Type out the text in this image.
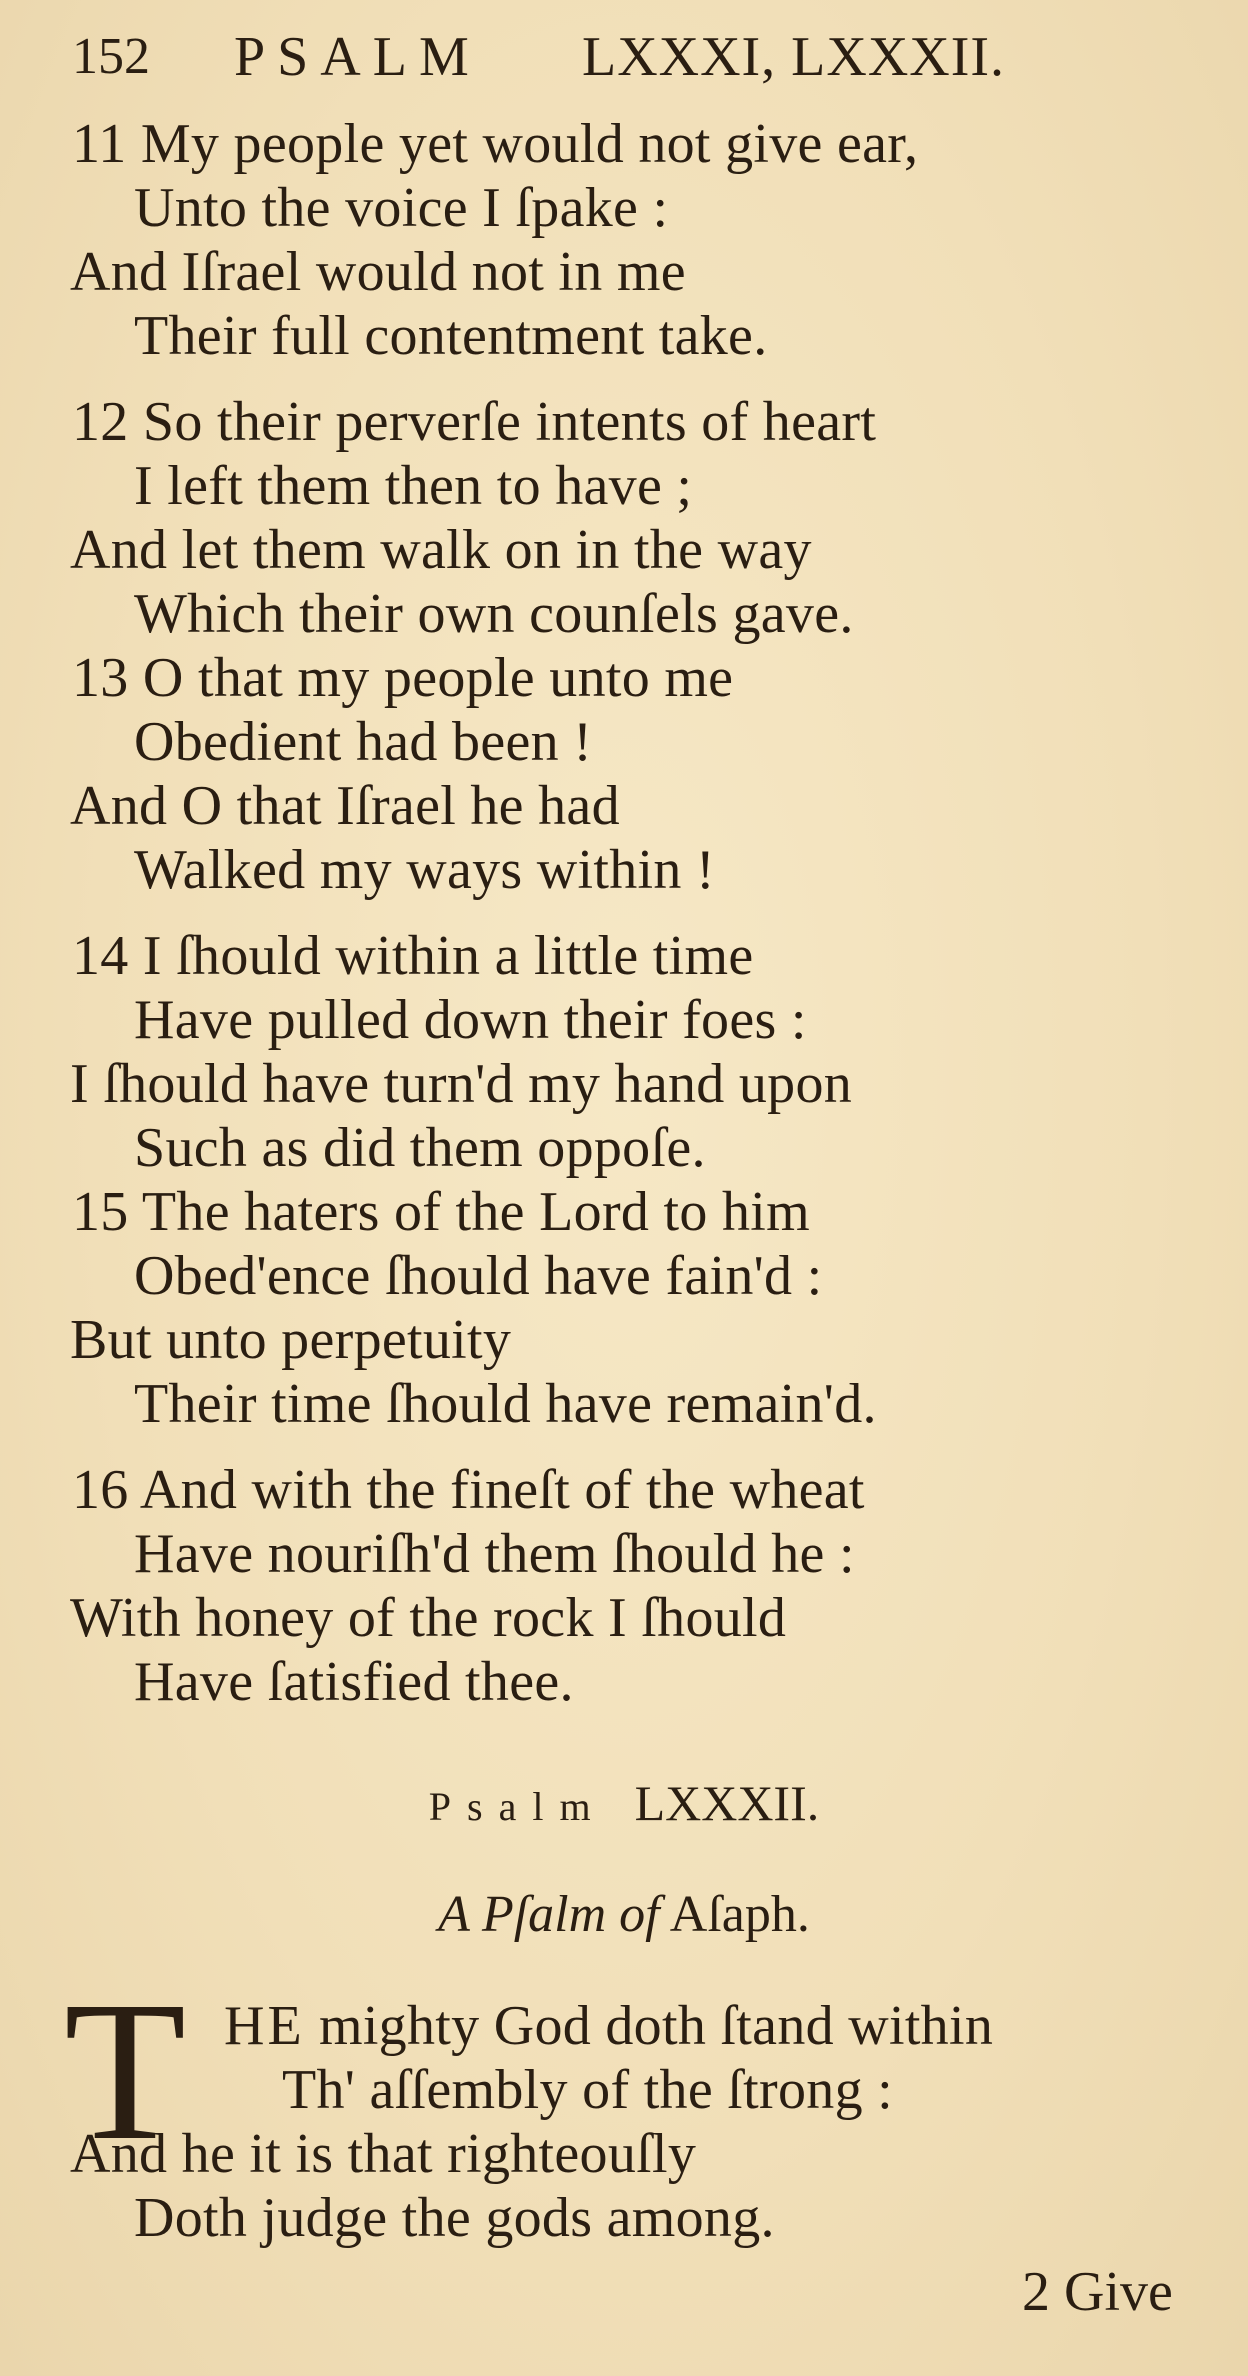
152 PSALM LXXXI, LXXXII.
11 My people yet would not give ear,
Unto the voice I ſpake :
And Iſrael would not in me
Their full contentment take.
12 So their perverſe intents of heart
I left them then to have ;
And let them walk on in the way
Which their own counſels gave.
13 O that my people unto me
Obedient had been !
And O that Iſrael he had
Walked my ways within !
14 I ſhould within a little time
Have pulled down their foes :
I ſhould have turn'd my hand upon
Such as did them oppoſe.
15 The haters of the Lord to him
Obed'ence ſhould have fain'd :
But unto perpetuity
Their time ſhould have remain'd.
16 And with the fineſt of the wheat
Have nouriſh'd them ſhould he :
With honey of the rock I ſhould
Have ſatisfied thee.
Psalm LXXXII.
A Pſalm of Aſaph.
T HE mighty God doth ſtand within
Th' aſſembly of the ſtrong :
And he it is that righteouſly
Doth judge the gods among.
2 Give
